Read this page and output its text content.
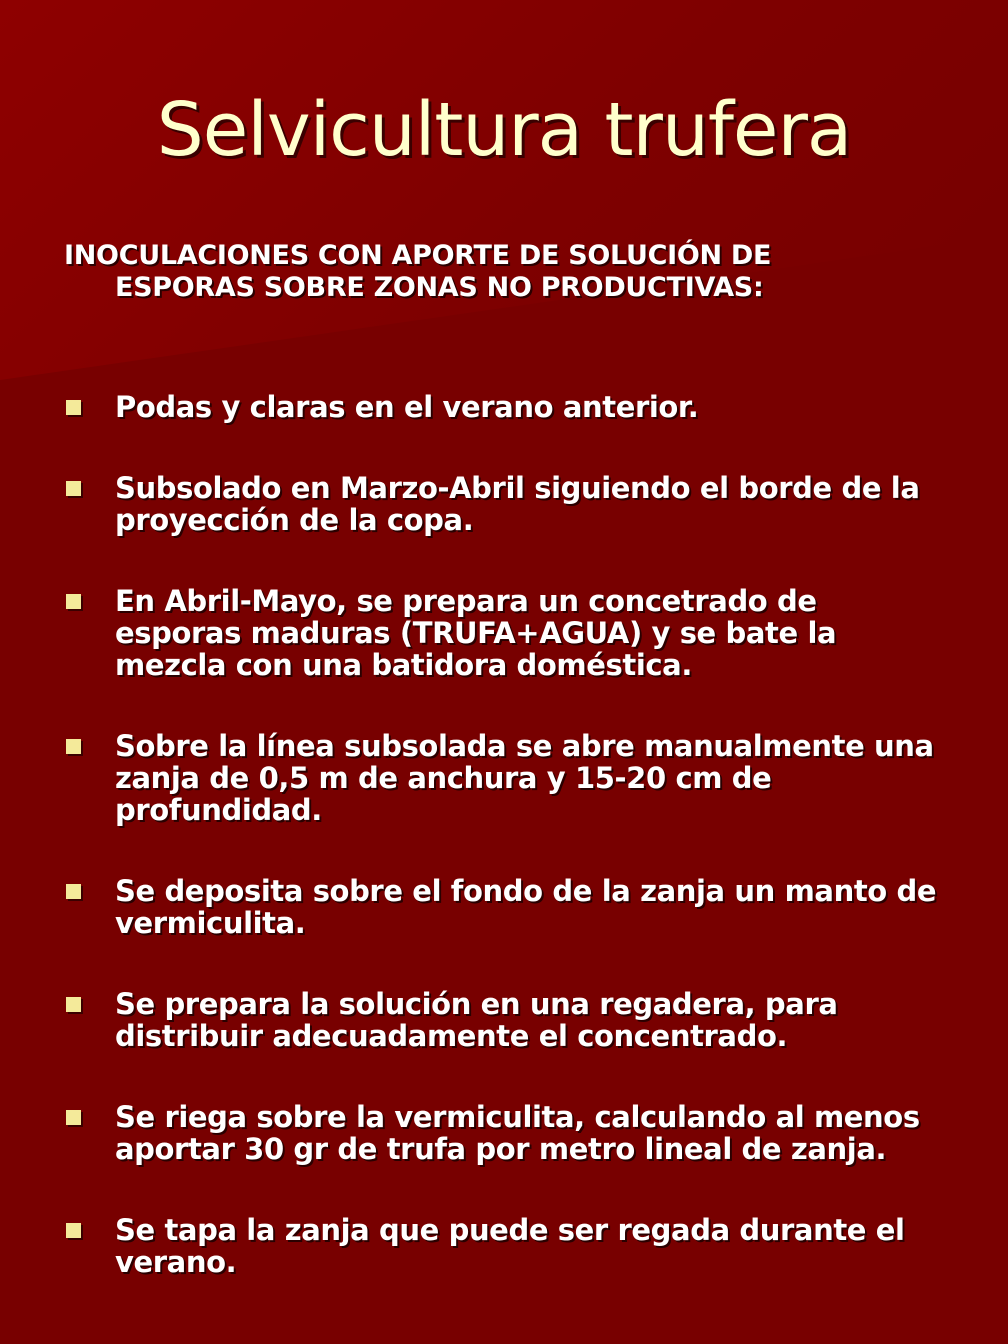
Selvicultura trufera
INOCULACIONES CON APORTE DE SOLUCIÓN DE
ESPORAS SOBRE ZONAS NO PRODUCTIVAS:
Podas y claras en el verano anterior.
Subsolado en Marzo-Abril siguiendo el borde de la proyección de la copa.
En Abril-Mayo, se prepara un concetrado de esporas maduras (TRUFA+AGUA) y se bate la mezcla con una batidora doméstica.
Sobre la línea subsolada se abre manualmente una zanja de 0,5 m de anchura y 15-20 cm de profundidad.
Se deposita sobre el fondo de la zanja un manto de vermiculita.
Se prepara la solución en una regadera, para distribuir adecuadamente el concentrado.
Se riega sobre la vermiculita, calculando al menos aportar 30 gr de trufa por metro lineal de zanja.
Se tapa la zanja que puede ser regada durante el verano.
